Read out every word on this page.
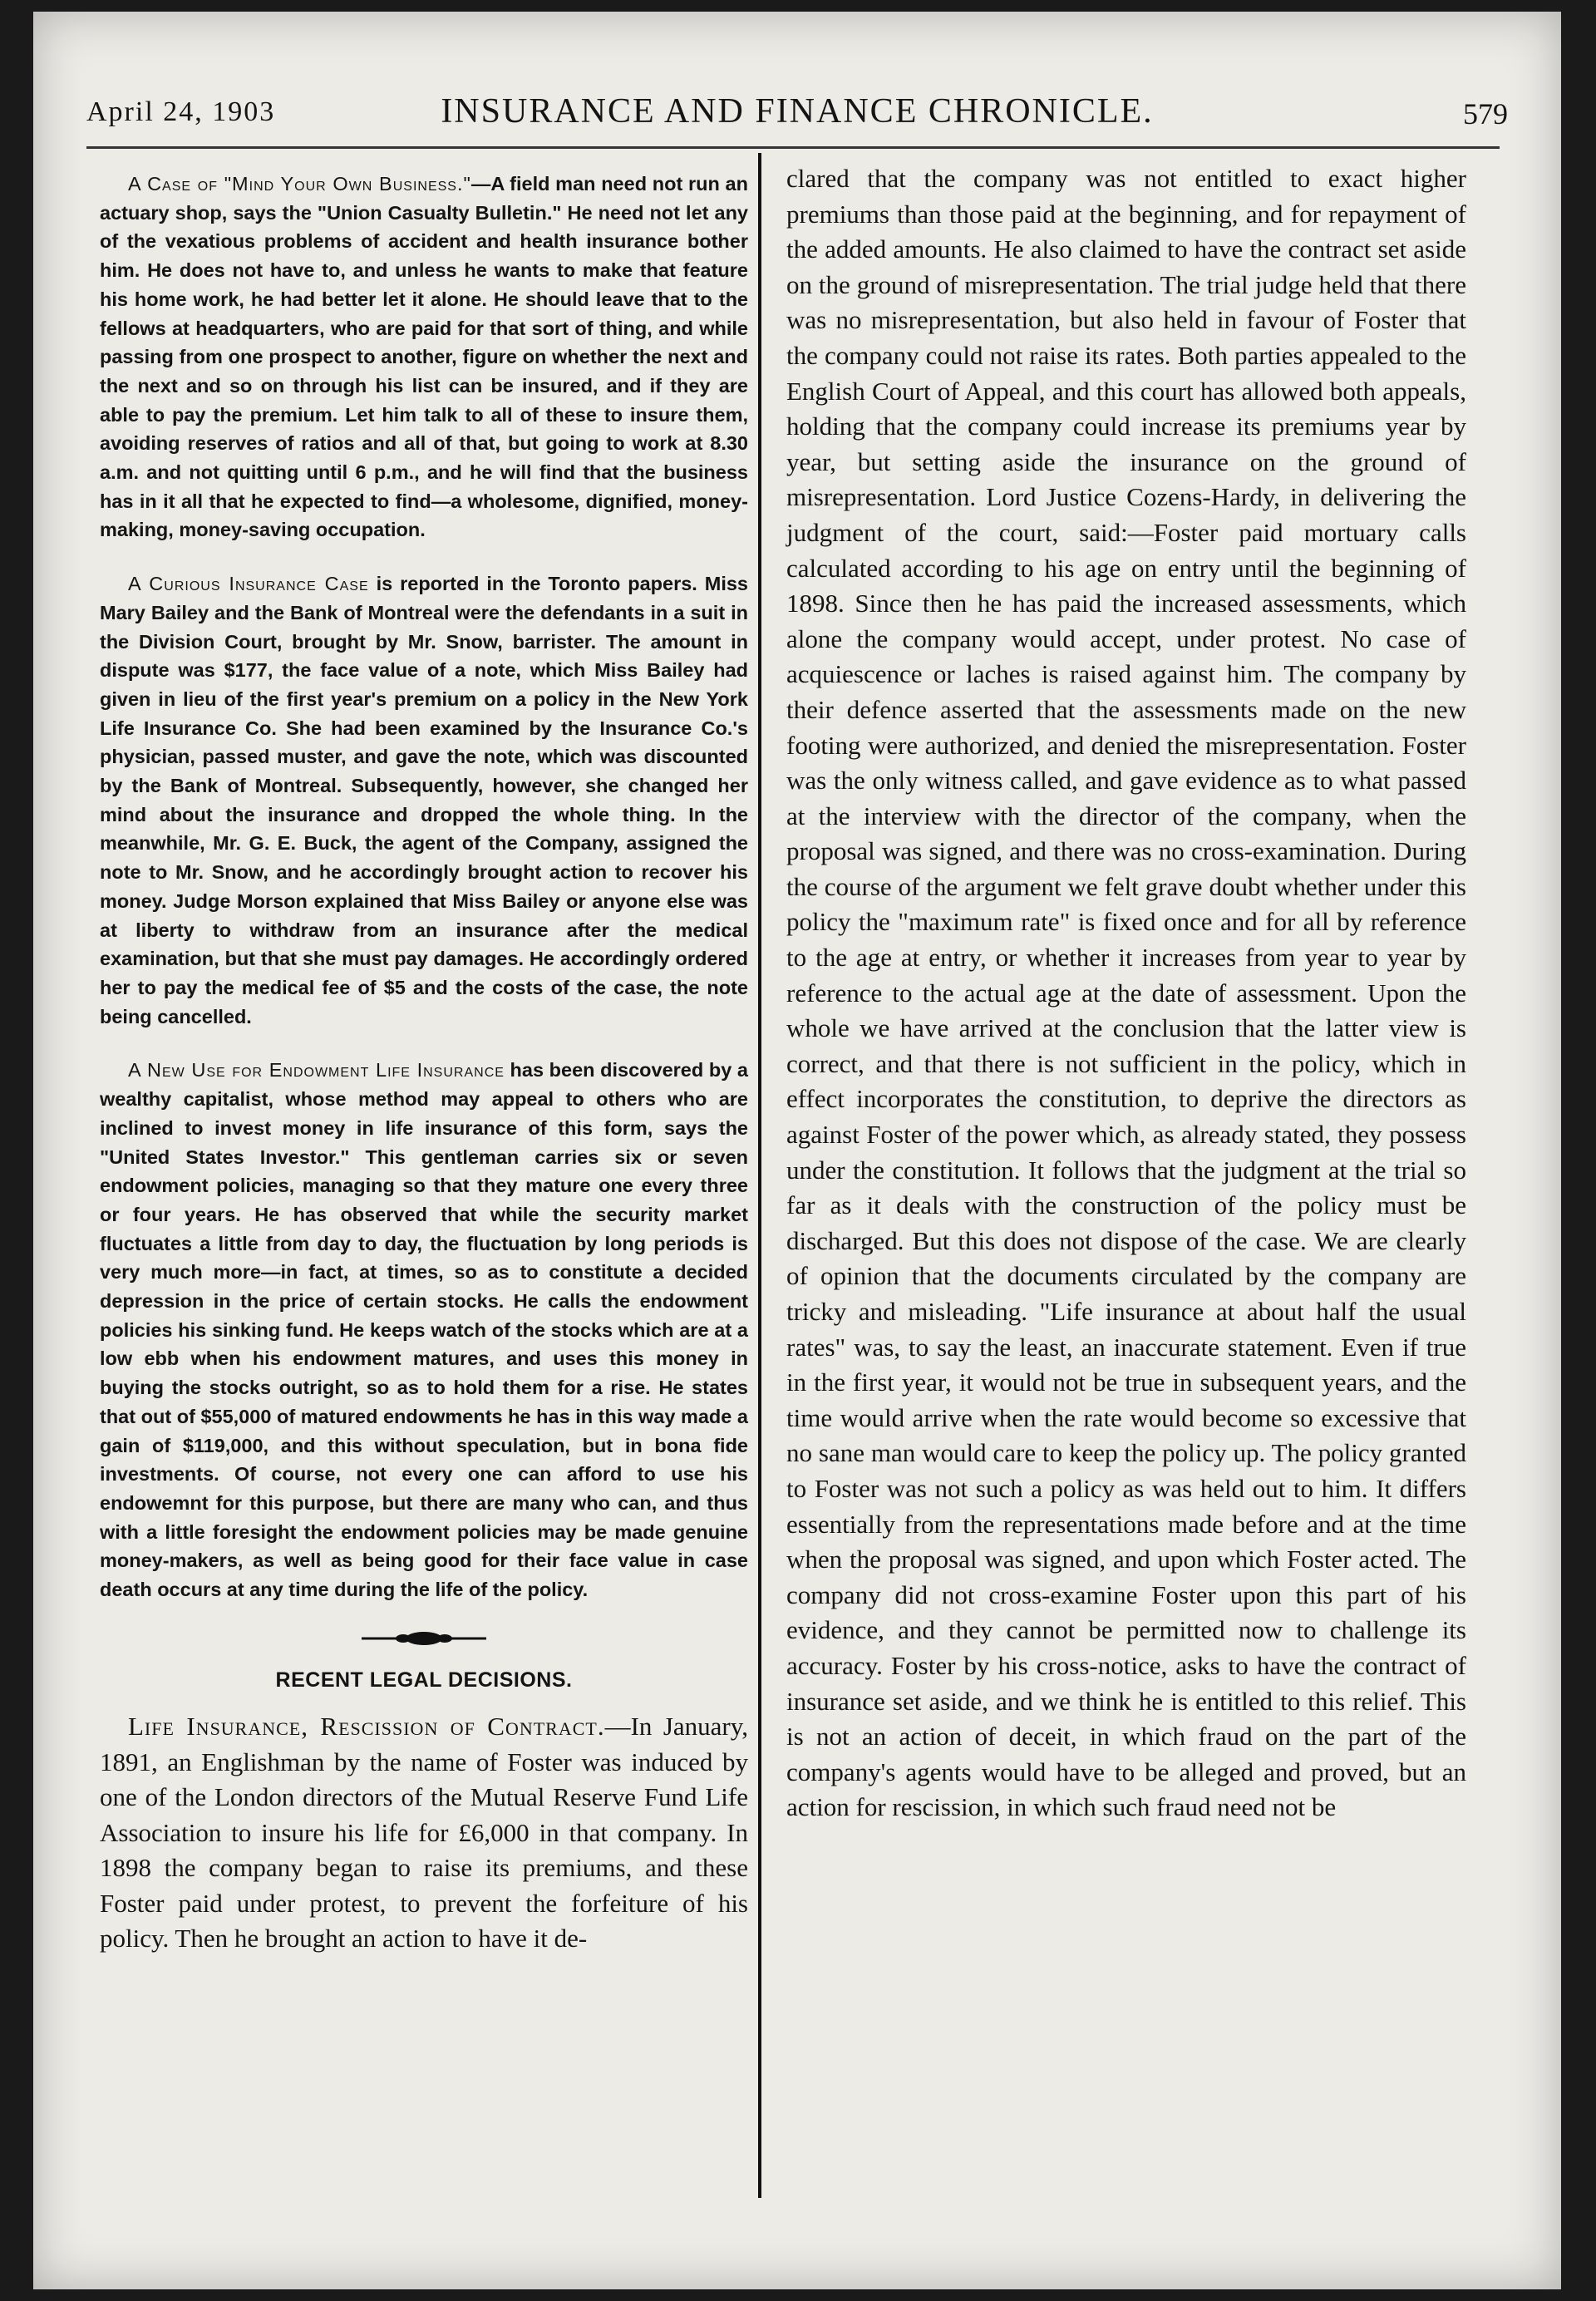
April 24, 1903	INSURANCE AND FINANCE CHRONICLE.	579

A Case of "Mind Your Own Business."—A field man need not run an actuary shop, says the "Union Casualty Bulletin." He need not let any of the vexatious problems of accident and health insurance bother him. He does not have to, and unless he wants to make that feature his home work, he had better let it alone. He should leave that to the fellows at headquarters, who are paid for that sort of thing, and while passing from one prospect to another, figure on whether the next and the next and so on through his list can be insured, and if they are able to pay the premium. Let him talk to all of these to insure them, avoiding reserves of ratios and all of that, but going to work at 8.30 a.m. and not quitting until 6 p.m., and he will find that the business has in it all that he expected to find—a wholesome, dignified, money-making, money-saving occupation.

A Curious Insurance Case is reported in the Toronto papers. Miss Mary Bailey and the Bank of Montreal were the defendants in a suit in the Division Court, brought by Mr. Snow, barrister. The amount in dispute was $177, the face value of a note, which Miss Bailey had given in lieu of the first year's premium on a policy in the New York Life Insurance Co. She had been examined by the Insurance Co.'s physician, passed muster, and gave the note, which was discounted by the Bank of Montreal. Subsequently, however, she changed her mind about the insurance and dropped the whole thing. In the meanwhile, Mr. G. E. Buck, the agent of the Company, assigned the note to Mr. Snow, and he accordingly brought action to recover his money. Judge Morson explained that Miss Bailey or anyone else was at liberty to withdraw from an insurance after the medical examination, but that she must pay damages. He accordingly ordered her to pay the medical fee of $5 and the costs of the case, the note being cancelled.

A New Use for Endowment Life Insurance has been discovered by a wealthy capitalist, whose method may appeal to others who are inclined to invest money in life insurance of this form, says the "United States Investor." This gentleman carries six or seven endowment policies, managing so that they mature one every three or four years. He has observed that while the security market fluctuates a little from day to day, the fluctuation by long periods is very much more—in fact, at times, so as to constitute a decided depression in the price of certain stocks. He calls the endowment policies his sinking fund. He keeps watch of the stocks which are at a low ebb when his endowment matures, and uses this money in buying the stocks outright, so as to hold them for a rise. He states that out of $55,000 of matured endowments he has in this way made a gain of $119,000, and this without speculation, but in bona fide investments. Of course, not every one can afford to use his endowemnt for this purpose, but there are many who can, and thus with a little foresight the endowment policies may be made genuine money-makers, as well as being good for their face value in case death occurs at any time during the life of the policy.

RECENT LEGAL DECISIONS.

Life Insurance, Rescission of Contract.—In January, 1891, an Englishman by the name of Foster was induced by one of the London directors of the Mutual Reserve Fund Life Association to insure his life for £6,000 in that company. In 1898 the company began to raise its premiums, and these Foster paid under protest, to prevent the forfeiture of his policy. Then he brought an action to have it de-

clared that the company was not entitled to exact higher premiums than those paid at the beginning, and for repayment of the added amounts. He also claimed to have the contract set aside on the ground of misrepresentation. The trial judge held that there was no misrepresentation, but also held in favour of Foster that the company could not raise its rates. Both parties appealed to the English Court of Appeal, and this court has allowed both appeals, holding that the company could increase its premiums year by year, but setting aside the insurance on the ground of misrepresentation. Lord Justice Cozens-Hardy, in delivering the judgment of the court, said:—Foster paid mortuary calls calculated according to his age on entry until the beginning of 1898. Since then he has paid the increased assessments, which alone the company would accept, under protest. No case of acquiescence or laches is raised against him. The company by their defence asserted that the assessments made on the new footing were authorized, and denied the misrepresentation. Foster was the only witness called, and gave evidence as to what passed at the interview with the director of the company, when the proposal was signed, and there was no cross-examination. During the course of the argument we felt grave doubt whether under this policy the "maximum rate" is fixed once and for all by reference to the age at entry, or whether it increases from year to year by reference to the actual age at the date of assessment. Upon the whole we have arrived at the conclusion that the latter view is correct, and that there is not sufficient in the policy, which in effect incorporates the constitution, to deprive the directors as against Foster of the power which, as already stated, they possess under the constitution. It follows that the judgment at the trial so far as it deals with the construction of the policy must be discharged. But this does not dispose of the case. We are clearly of opinion that the documents circulated by the company are tricky and misleading. "Life insurance at about half the usual rates" was, to say the least, an inaccurate statement. Even if true in the first year, it would not be true in subsequent years, and the time would arrive when the rate would become so excessive that no sane man would care to keep the policy up. The policy granted to Foster was not such a policy as was held out to him. It differs essentially from the representations made before and at the time when the proposal was signed, and upon which Foster acted. The company did not cross-examine Foster upon this part of his evidence, and they cannot be permitted now to challenge its accuracy. Foster by his cross-notice, asks to have the contract of insurance set aside, and we think he is entitled to this relief. This is not an action of deceit, in which fraud on the part of the company's agents would have to be alleged and proved, but an action for rescission, in which such fraud need not be
